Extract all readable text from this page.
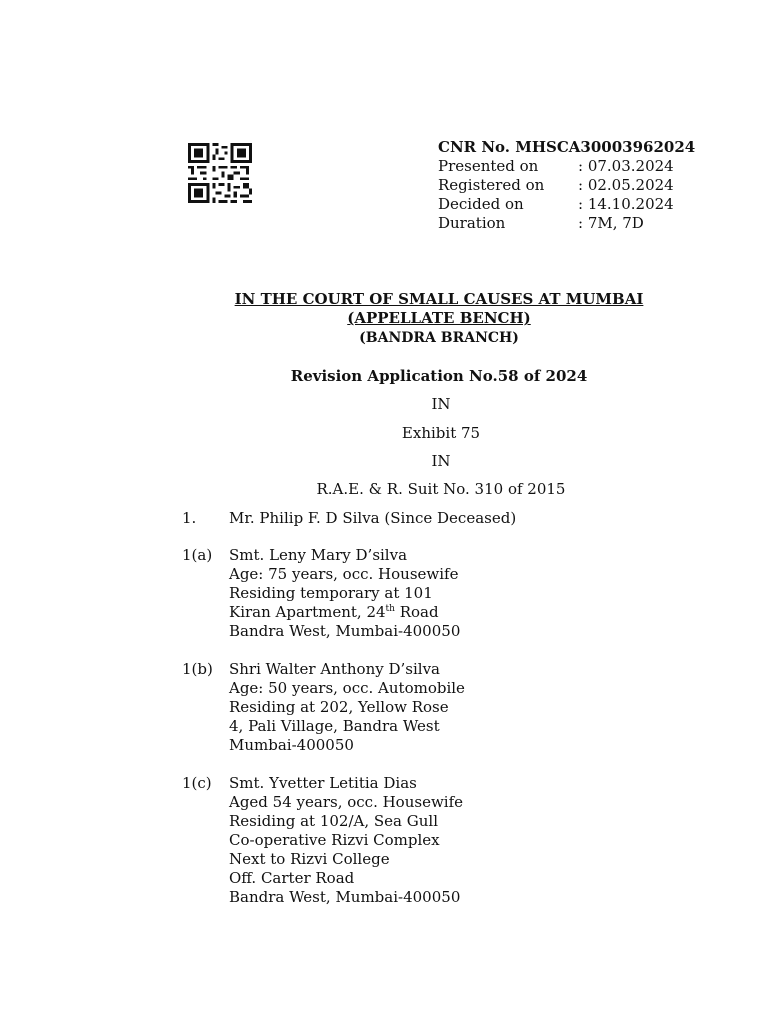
CNR No. MHSCA30003962024
Presented on	: 07.03.2024
Registered on	: 02.05.2024
Decided on	: 14.10.2024
Duration	: 7M, 7D
IN THE COURT OF SMALL CAUSES AT MUMBAI
(APPELLATE BENCH)
(BANDRA BRANCH)
Revision Application No.58 of 2024
IN
Exhibit 75
IN
R.A.E. & R. Suit No. 310 of 2015
1. Mr. Philip F. D Silva (Since Deceased)
1(a) Smt. Leny Mary D’silva
Age: 75 years, occ. Housewife
Residing temporary at 101
Kiran Apartment, 24th Road
Bandra West, Mumbai-400050
1(b) Shri Walter Anthony D’silva
Age: 50 years, occ. Automobile
Residing at 202, Yellow Rose
4, Pali Village, Bandra West
Mumbai-400050
1(c) Smt. Yvetter Letitia Dias
Aged 54 years, occ. Housewife
Residing at 102/A, Sea Gull
Co-operative Rizvi Complex
Next to Rizvi College
Off. Carter Road
Bandra West, Mumbai-400050
